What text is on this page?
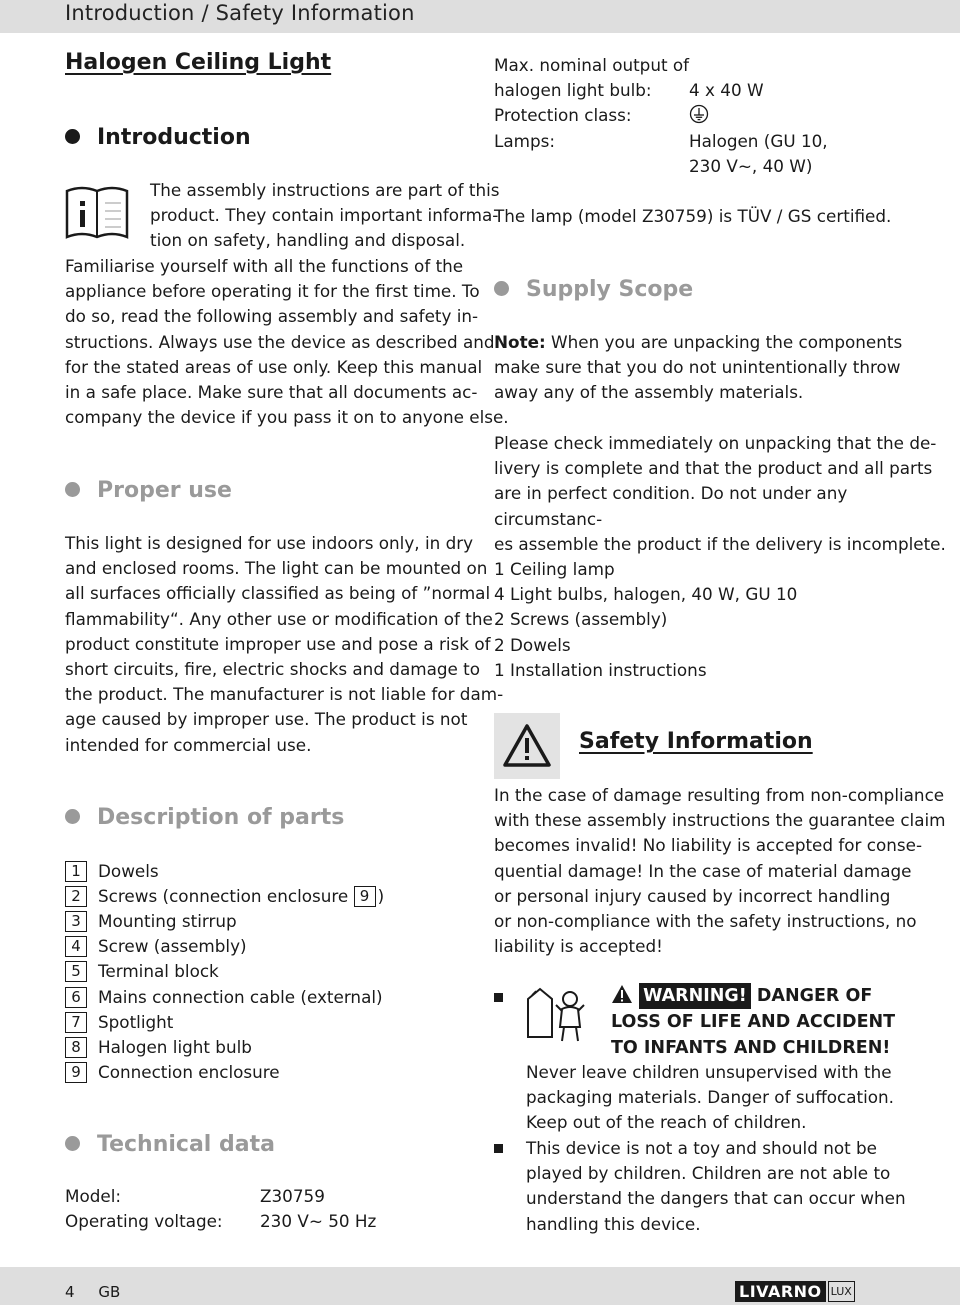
Introduction / Safety Information
Halogen Ceiling Light
Introduction
The assembly instructions are part of this
product. They contain important informa-
tion on safety, handling and disposal.
Familiarise yourself with all the functions of the
appliance before operating it for the first time. To
do so, read the following assembly and safety in-
structions. Always use the device as described and
for the stated areas of use only. Keep this manual
in a safe place. Make sure that all documents ac-
company the device if you pass it on to anyone else.
Proper use
This light is designed for use indoors only, in dry
and enclosed rooms. The light can be mounted on
all surfaces officially classified as being of ”normal
flammability“. Any other use or modification of the
product constitute improper use and pose a risk of
short circuits, fire, electric shocks and damage to
the product. The manufacturer is not liable for dam-
age caused by improper use. The product is not
intended for commercial use.
Description of parts
1 Dowels
2 Screws (connection enclosure 9 )
3 Mounting stirrup
4 Screw (assembly)
5 Terminal block
6 Mains connection cable (external)
7 Spotlight
8 Halogen light bulb
9 Connection enclosure
Technical data
Model:	Z30759
Operating voltage: 230 V~ 50 Hz
Max. nominal output of
halogen light bulb: 4 x 40 W
Protection class:
Lamps:	Halogen (GU 10,
230 V~, 40 W)
The lamp (model Z30759) is TÜV / GS certified.
Supply Scope
Note: When you are unpacking the components
make sure that you do not unintentionally throw
away any of the assembly materials.
Please check immediately on unpacking that the de-
livery is complete and that the product and all parts
are in perfect condition. Do not under any circumstanc-
es assemble the product if the delivery is incomplete.
1 Ceiling lamp
4 Light bulbs, halogen, 40 W, GU 10
2 Screws (assembly)
2 Dowels
1 Installation instructions
Safety Information
In the case of damage resulting from non-compliance
with these assembly instructions the guarantee claim
becomes invalid! No liability is accepted for conse-
quential damage! In the case of material damage
or personal injury caused by incorrect handling
or non-compliance with the safety instructions, no
liability is accepted!
WARNING! DANGER OF
LOSS OF LIFE AND ACCIDENT
TO INFANTS AND CHILDREN!
Never leave children unsupervised with the
packaging materials. Danger of suffocation.
Keep out of the reach of children.
This device is not a toy and should not be
played by children. Children are not able to
understand the dangers that can occur when
handling this device.
4 GB	LIVARNO LUX
